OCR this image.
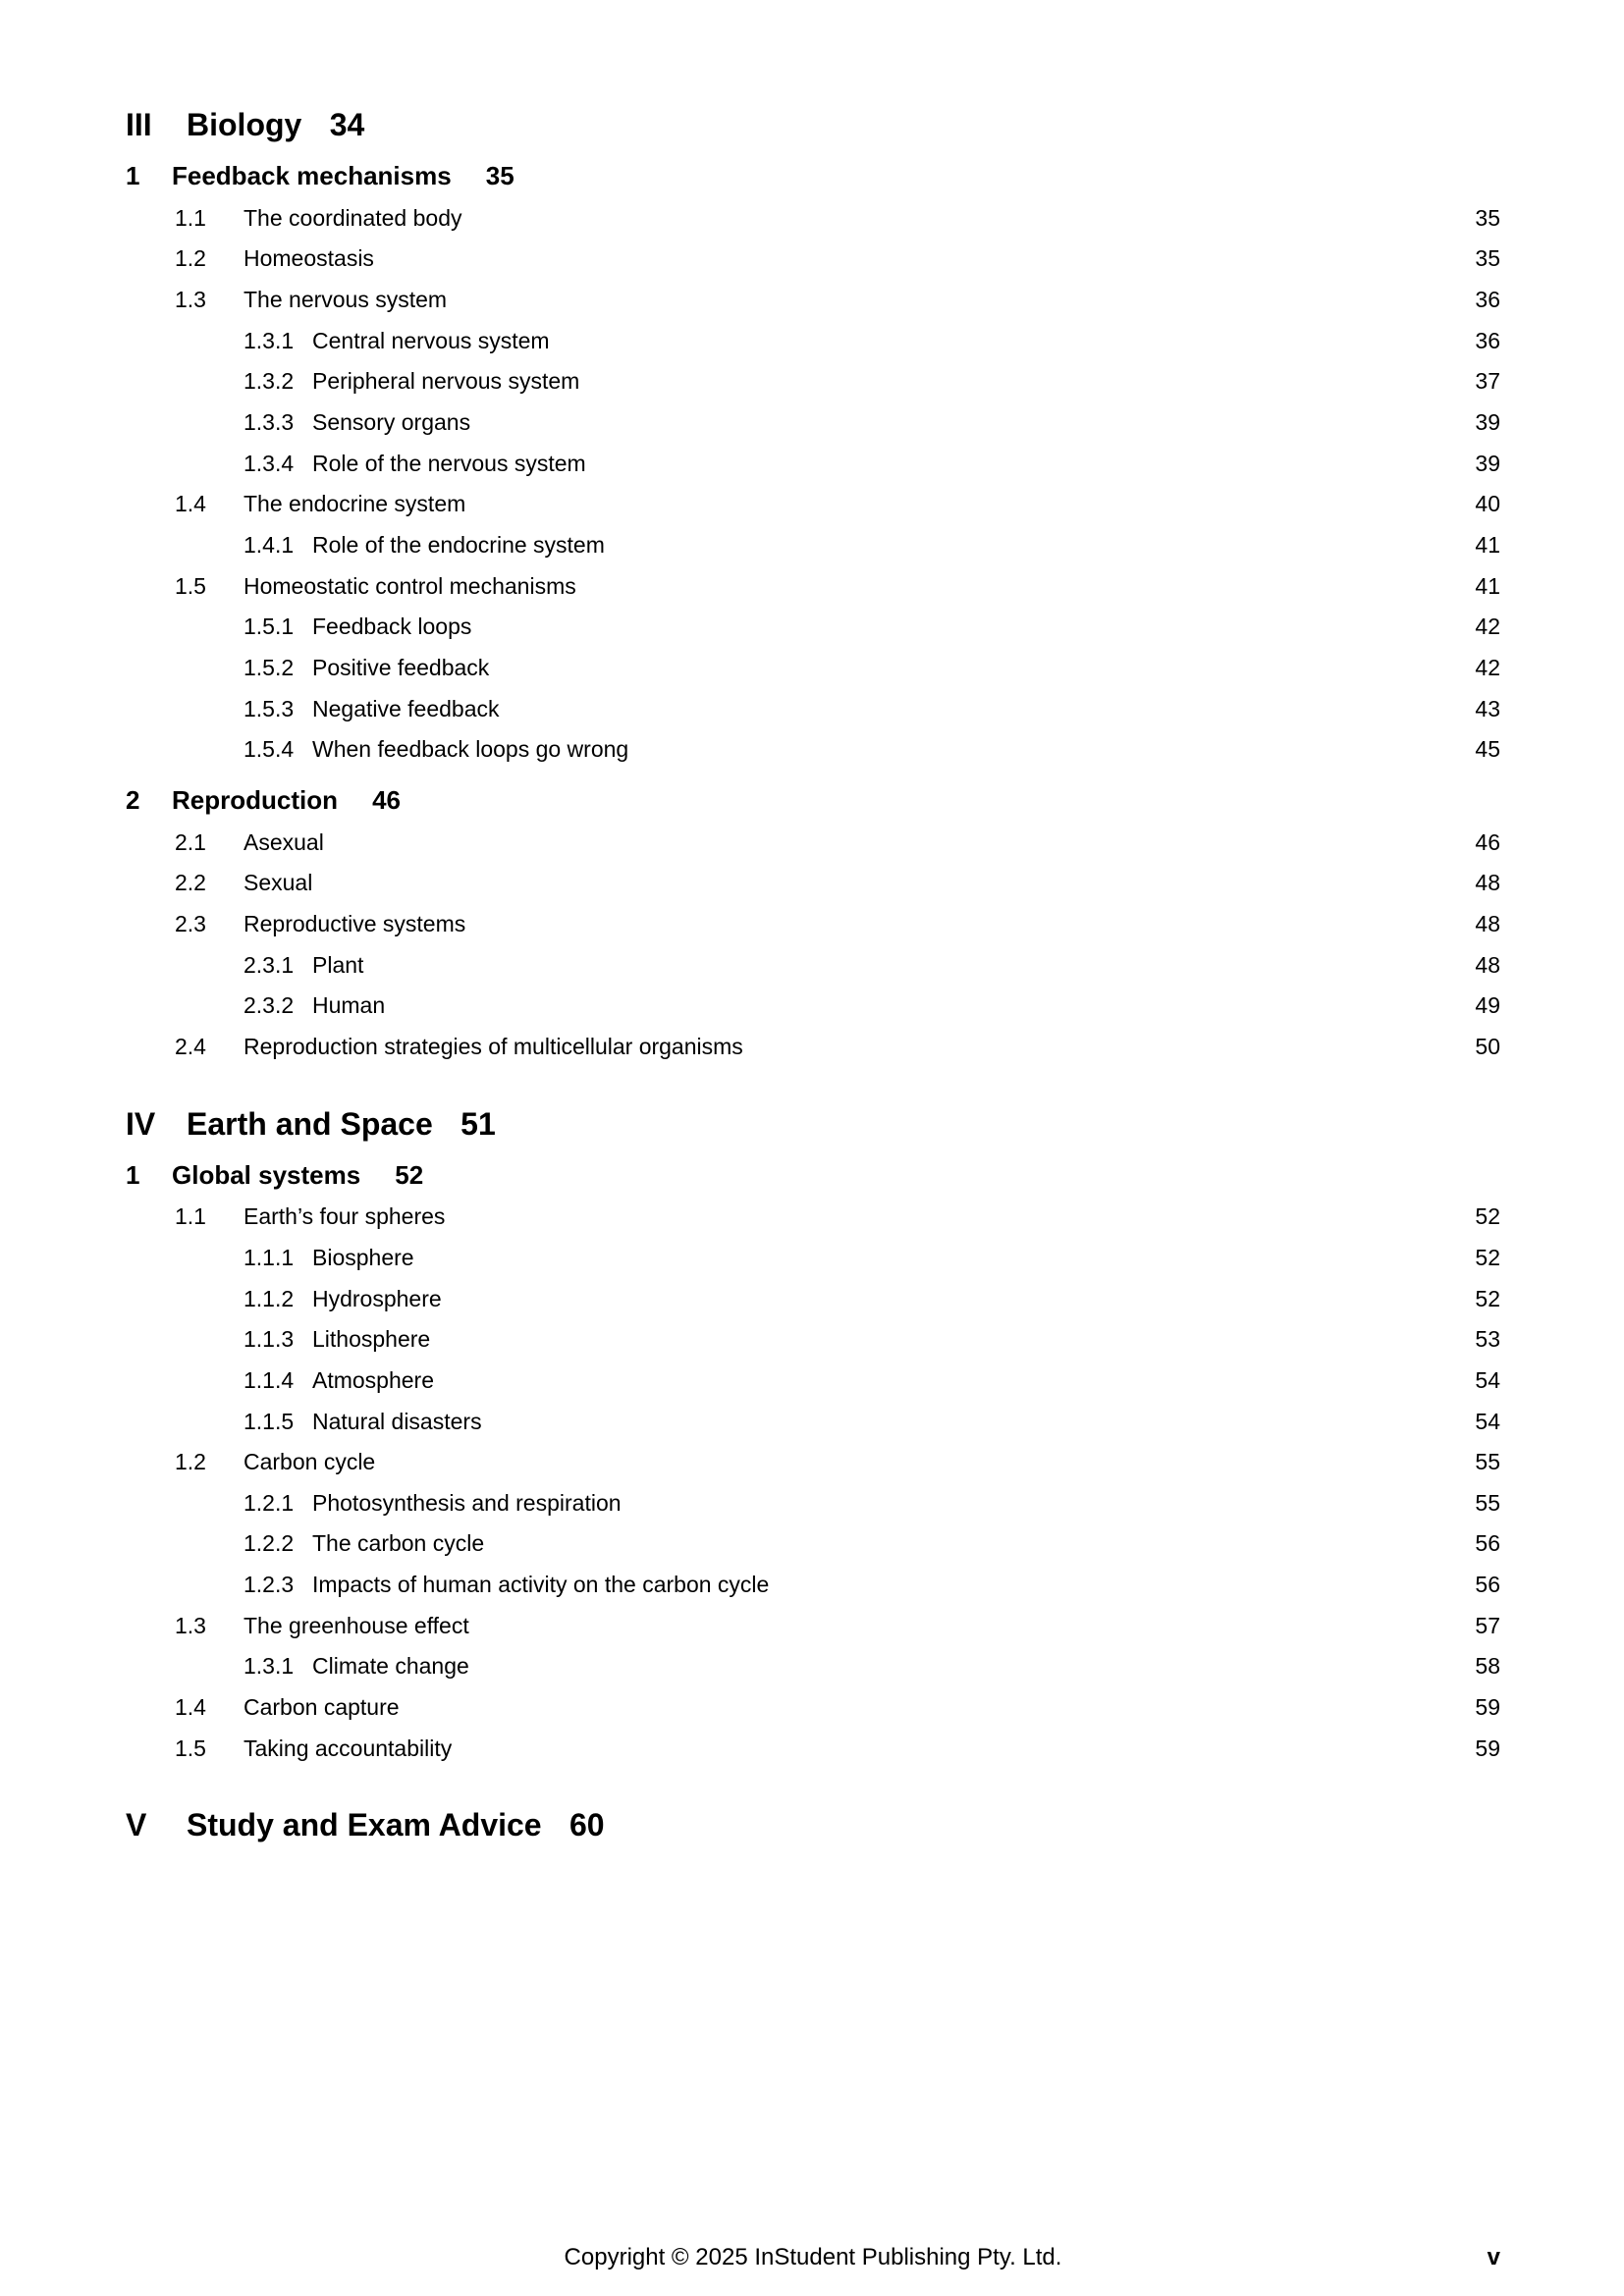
III	Biology 34
1	Feedback mechanisms	35
1.1	The coordinated body . . .	35
1.2	Homeostasis . . .	35
1.3	The nervous system . . .	36
1.3.1 Central nervous system . . .	36
1.3.2 Peripheral nervous system . . .	37
1.3.3 Sensory organs . . .	39
1.3.4 Role of the nervous system . . .	39
1.4	The endocrine system . . .	40
1.4.1 Role of the endocrine system . . .	41
1.5	Homeostatic control mechanisms . . .	41
1.5.1 Feedback loops . . .	42
1.5.2 Positive feedback . . .	42
1.5.3 Negative feedback . . .	43
1.5.4 When feedback loops go wrong . . .	45
2	Reproduction	46
2.1	Asexual . . .	46
2.2	Sexual . . .	48
2.3	Reproductive systems . . .	48
2.3.1 Plant . . .	48
2.3.2 Human . . .	49
2.4	Reproduction strategies of multicellular organisms . . .	50
IV Earth and Space 51
1	Global systems	52
1.1	Earth’s four spheres . . .	52
1.1.1 Biosphere . . .	52
1.1.2 Hydrosphere . . .	52
1.1.3 Lithosphere . . .	53
1.1.4 Atmosphere . . .	54
1.1.5 Natural disasters . . .	54
1.2	Carbon cycle . . .	55
1.2.1 Photosynthesis and respiration . . .	55
1.2.2 The carbon cycle . . .	56
1.2.3 Impacts of human activity on the carbon cycle . . .	56
1.3	The greenhouse effect . . .	57
1.3.1 Climate change . . .	58
1.4	Carbon capture . . .	59
1.5	Taking accountability . . .	59
V	Study and Exam Advice 60
Copyright © 2025 InStudent Publishing Pty. Ltd.	v
